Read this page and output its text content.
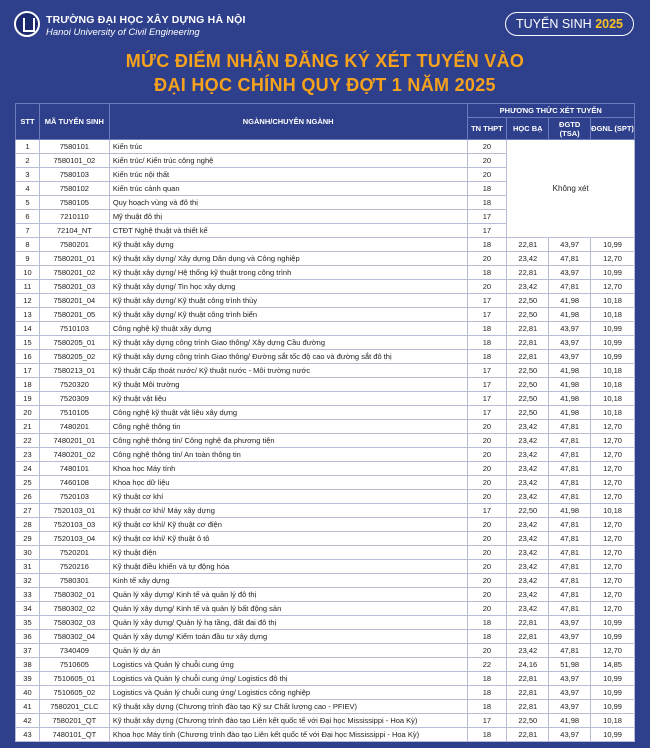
TRƯỜNG ĐẠI HỌC XÂY DỰNG HÀ NỘI
Hanoi University of Civil Engineering
TUYỂN SINH 2025
MỨC ĐIỂM NHẬN ĐĂNG KÝ XÉT TUYỂN VÀO
ĐẠI HỌC CHÍNH QUY ĐỢT 1 NĂM 2025
STT	MÃ TUYỂN SINH	NGÀNH/CHUYÊN NGÀNH	PHƯƠNG THỨC XÉT TUYỂN			
			TN THPT	HỌC BẠ	ĐGTD (TSA)	ĐGNL (SPT)
1	7580101	Kiến trúc	20	Không xét		
2	7580101_02	Kiến trúc/ Kiến trúc công nghệ	20			
3	7580103	Kiến trúc nội thất	20			
4	7580102	Kiến trúc cảnh quan	18			
5	7580105	Quy hoạch vùng và đô thị	18			
6	7210110	Mỹ thuật đô thị	17			
7	72104_NT	CTĐT Nghệ thuật và thiết kế	17			
8	7580201	Kỹ thuật xây dựng	18	22,81	43,97	10,99
9	7580201_01	Kỹ thuật xây dựng/ Xây dựng Dân dụng và Công nghiệp	20	23,42	47,81	12,70
10	7580201_02	Kỹ thuật xây dựng/ Hệ thống kỹ thuật trong công trình	18	22,81	43,97	10,99
11	7580201_03	Kỹ thuật xây dựng/ Tin học xây dựng	20	23,42	47,81	12,70
12	7580201_04	Kỹ thuật xây dựng/ Kỹ thuật công trình thủy	17	22,50	41,98	10,18
13	7580201_05	Kỹ thuật xây dựng/ Kỹ thuật công trình biển	17	22,50	41,98	10,18
14	7510103	Công nghệ kỹ thuật xây dựng	18	22,81	43,97	10,99
15	7580205_01	Kỹ thuật xây dựng công trình Giao thông/ Xây dựng Cầu đường	18	22,81	43,97	10,99
16	7580205_02	Kỹ thuật xây dựng công trình Giao thông/ Đường sắt tốc độ cao và đường sắt đô thị	18	22,81	43,97	10,99
17	7580213_01	Kỹ thuật Cấp thoát nước/ Kỹ thuật nước - Môi trường nước	17	22,50	41,98	10,18
18	7520320	Kỹ thuật Môi trường	17	22,50	41,98	10,18
19	7520309	Kỹ thuật vật liệu	17	22,50	41,98	10,18
20	7510105	Công nghệ kỹ thuật vật liệu xây dựng	17	22,50	41,98	10,18
21	7480201	Công nghệ thông tin	20	23,42	47,81	12,70
22	7480201_01	Công nghệ thông tin/ Công nghệ đa phương tiện	20	23,42	47,81	12,70
23	7480201_02	Công nghệ thông tin/ An toàn thông tin	20	23,42	47,81	12,70
24	7480101	Khoa học Máy tính	20	23,42	47,81	12,70
25	7460108	Khoa học dữ liệu	20	23,42	47,81	12,70
26	7520103	Kỹ thuật cơ khí	20	23,42	47,81	12,70
27	7520103_01	Kỹ thuật cơ khí/ Máy xây dựng	17	22,50	41,98	10,18
28	7520103_03	Kỹ thuật cơ khí/ Kỹ thuật cơ điện	20	23,42	47,81	12,70
29	7520103_04	Kỹ thuật cơ khí/ Kỹ thuật ô tô	20	23,42	47,81	12,70
30	7520201	Kỹ thuật điện	20	23,42	47,81	12,70
31	7520216	Kỹ thuật điều khiển và tự động hóa	20	23,42	47,81	12,70
32	7580301	Kinh tế xây dựng	20	23,42	47,81	12,70
33	7580302_01	Quản lý xây dựng/ Kinh tế và quản lý đô thị	20	23,42	47,81	12,70
34	7580302_02	Quản lý xây dựng/ Kinh tế và quản lý bất động sản	20	23,42	47,81	12,70
35	7580302_03	Quản lý xây dựng/ Quản lý hạ tầng, đất đai đô thị	18	22,81	43,97	10,99
36	7580302_04	Quản lý xây dựng/ Kiểm toán đầu tư xây dựng	18	22,81	43,97	10,99
37	7340409	Quản lý dự án	20	23,42	47,81	12,70
38	7510605	Logistics và Quản lý chuỗi cung ứng	22	24,16	51,98	14,85
39	7510605_01	Logistics và Quản lý chuỗi cung ứng/ Logistics đô thị	18	22,81	43,97	10,99
40	7510605_02	Logistics và Quản lý chuỗi cung ứng/ Logistics công nghiệp	18	22,81	43,97	10,99
41	7580201_CLC	Kỹ thuật xây dựng (Chương trình đào tạo Kỹ sư Chất lượng cao - PFIEV)	18	22,81	43,97	10,99
42	7580201_QT	Kỹ thuật xây dựng (Chương trình đào tạo Liên kết quốc tế với Đại học Mississippi - Hoa Kỳ)	17	22,50	41,98	10,18
43	7480101_QT	Khoa học Máy tính (Chương trình đào tạo Liên kết quốc tế với Đại học Mississippi - Hoa Kỳ)	18	22,81	43,97	10,99
